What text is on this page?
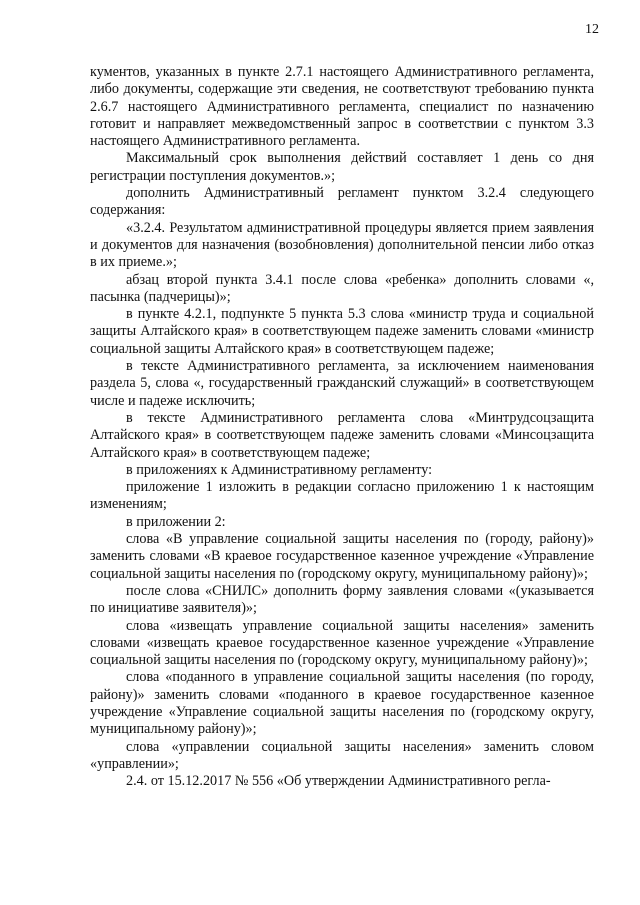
12

кументов, указанных в пункте 2.7.1 настоящего Административного регламента, либо документы, содержащие эти сведения, не соответствуют требованию пункта 2.6.7 настоящего Административного регламента, специалист по назначению готовит и направляет межведомственный запрос в соответствии с пунктом 3.3 настоящего Административного регламента.

Максимальный срок выполнения действий составляет 1 день со дня регистрации поступления документов.»;

дополнить Административный регламент пунктом 3.2.4 следующего содержания:

«3.2.4. Результатом административной процедуры является прием заявления и документов для назначения (возобновления) дополнительной пенсии либо отказ в их приеме.»;

абзац второй пункта 3.4.1 после слова «ребенка» дополнить словами «, пасынка (падчерицы)»;

в пункте 4.2.1, подпункте 5 пункта 5.3 слова «министр труда и социальной защиты Алтайского края» в соответствующем падеже заменить словами «министр социальной защиты Алтайского края» в соответствующем падеже;

в тексте Административного регламента, за исключением наименования раздела 5, слова «, государственный гражданский служащий» в соответствующем числе и падеже исключить;

в тексте Административного регламента слова «Минтрудсоцзащита Алтайского края» в соответствующем падеже заменить словами «Минсоцзащита Алтайского края» в соответствующем падеже;

в приложениях к Административному регламенту:

приложение 1 изложить в редакции согласно приложению 1 к настоящим изменениям;

в приложении 2:

слова «В управление социальной защиты населения по (городу, району)» заменить словами «В краевое государственное казенное учреждение «Управление социальной защиты населения по (городскому округу, муниципальному району)»;

после слова «СНИЛС» дополнить форму заявления словами «(указывается по инициативе заявителя)»;

слова «извещать управление социальной защиты населения» заменить словами «извещать краевое государственное казенное учреждение «Управление социальной защиты населения по (городскому округу, муниципальному району)»;

слова «поданного в управление социальной защиты населения (по городу, району)» заменить словами «поданного в краевое государственное казенное учреждение «Управление социальной защиты населения по (городскому округу, муниципальному району)»;

слова «управлении социальной защиты населения» заменить словом «управлении»;

2.4. от 15.12.2017 № 556 «Об утверждении Административного регла-
